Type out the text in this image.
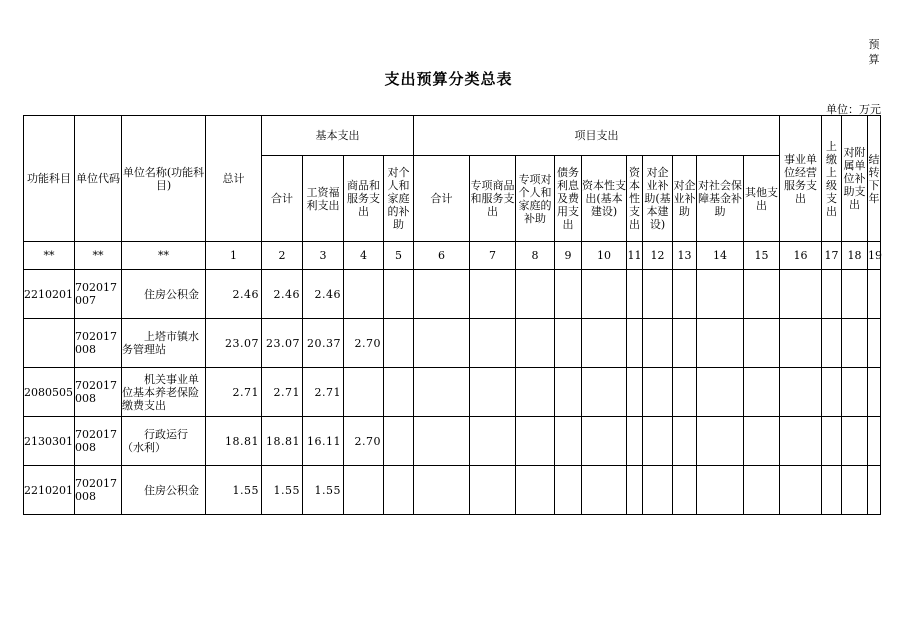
预算
支出预算分类总表
单位：万元
功能科目	单位代码	单位名称(功能科目)	总计	基本支出				项目支出										事业单位经营服务支出	上缴上级支出	对附属单位补助支出	结转下年
				合计	工资福利支出	商品和服务支出	对个人和家庭的补助	合计	专项商品和服务支出	专项对个人和家庭的补助	债务利息及费用支出	资本性支出(基本建设)	资本性支出	对企业补助(基本建设)	对企业补助	对社会保障基金补助	其他支出				
**	**	**	1	2	3	4	5	6	7	8	9	10	11	12	13	14	15	16	17	18	19
2210201	702017007	住房公积金	2.46	2.46	2.46																
	702017008	上塔市镇水务管理站	23.07	23.07	20.37	2.70															
2080505	702017008	机关事业单位基本养老保险缴费支出	2.71	2.71	2.71																
2130301	702017008	行政运行（水利）	18.81	18.81	16.11	2.70															
2210201	702017008	住房公积金	1.55	1.55	1.55																
